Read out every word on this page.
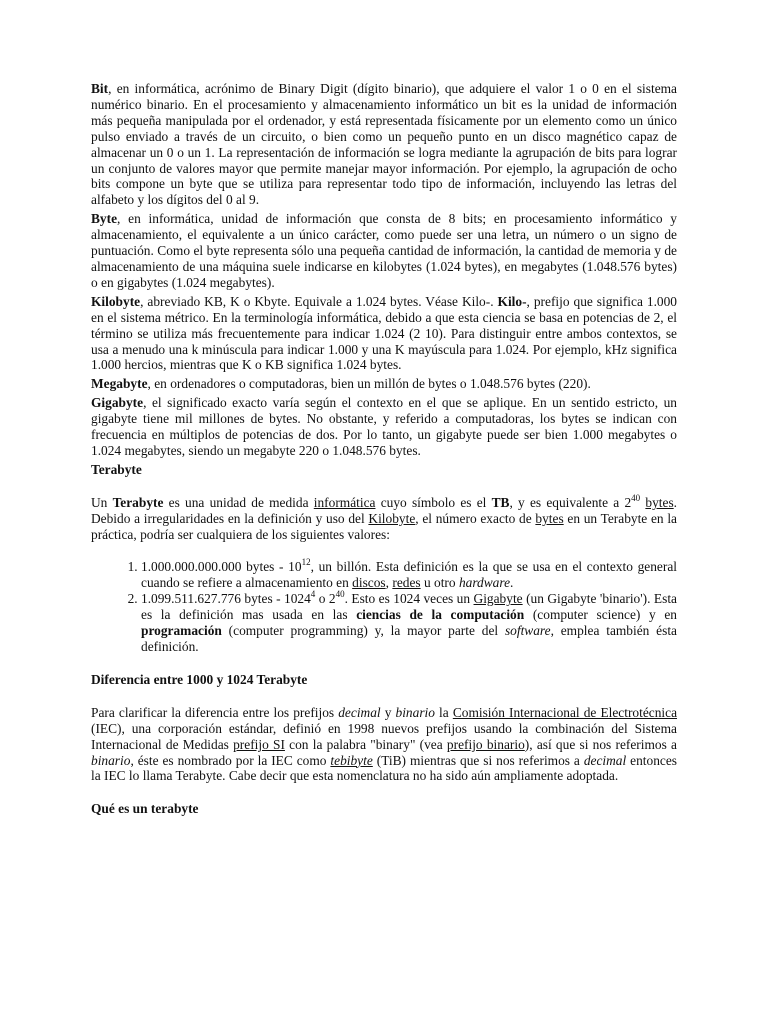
Bit, en informática, acrónimo de Binary Digit (dígito binario), que adquiere el valor 1 o 0 en el sistema numérico binario. En el procesamiento y almacenamiento informático un bit es la unidad de información más pequeña manipulada por el ordenador, y está representada físicamente por un elemento como un único pulso enviado a través de un circuito, o bien como un pequeño punto en un disco magnético capaz de almacenar un 0 o un 1. La representación de información se logra mediante la agrupación de bits para lograr un conjunto de valores mayor que permite manejar mayor información. Por ejemplo, la agrupación de ocho bits compone un byte que se utiliza para representar todo tipo de información, incluyendo las letras del alfabeto y los dígitos del 0 al 9.

Byte, en informática, unidad de información que consta de 8 bits; en procesamiento informático y almacenamiento, el equivalente a un único carácter, como puede ser una letra, un número o un signo de puntuación. Como el byte representa sólo una pequeña cantidad de información, la cantidad de memoria y de almacenamiento de una máquina suele indicarse en kilobytes (1.024 bytes), en megabytes (1.048.576 bytes) o en gigabytes (1.024 megabytes).

Kilobyte, abreviado KB, K o Kbyte. Equivale a 1.024 bytes. Véase Kilo-. Kilo-, prefijo que significa 1.000 en el sistema métrico. En la terminología informática, debido a que esta ciencia se basa en potencias de 2, el término se utiliza más frecuentemente para indicar 1.024 (2 10). Para distinguir entre ambos contextos, se usa a menudo una k minúscula para indicar 1.000 y una K mayúscula para 1.024. Por ejemplo, kHz significa 1.000 hercios, mientras que K o KB significa 1.024 bytes.

Megabyte, en ordenadores o computadoras, bien un millón de bytes o 1.048.576 bytes (220).

Gigabyte, el significado exacto varía según el contexto en el que se aplique. En un sentido estricto, un gigabyte tiene mil millones de bytes. No obstante, y referido a computadoras, los bytes se indican con frecuencia en múltiplos de potencias de dos. Por lo tanto, un gigabyte puede ser bien 1.000 megabytes o 1.024 megabytes, siendo un megabyte 220 o 1.048.576 bytes.

Terabyte

Un Terabyte es una unidad de medida informática cuyo símbolo es el TB, y es equivalente a $2^{40}$ bytes. Debido a irregularidades en la definición y uso del Kilobyte, el número exacto de bytes en un Terabyte en la práctica, podría ser cualquiera de los siguientes valores:

1. 1.000.000.000.000 bytes - $10^{12}$, un billón. Esta definición es la que se usa en el contexto general cuando se refiere a almacenamiento en discos, redes u otro hardware.
2. 1.099.511.627.776 bytes - 1024$^4$ o $2^{40}$. Esto es 1024 veces un Gigabyte (un Gigabyte 'binario'). Esta es la definición mas usada en las ciencias de la computación (computer science) y en programación (computer programming) y, la mayor parte del software, emplea también ésta definición.

Diferencia entre 1000 y 1024 Terabyte

Para clarificar la diferencia entre los prefijos decimal y binario la Comisión Internacional de Electrotécnica (IEC), una corporación estándar, definió en 1998 nuevos prefijos usando la combinación del Sistema Internacional de Medidas prefijo SI con la palabra "binary" (vea prefijo binario), así que si nos referimos a binario, éste es nombrado por la IEC como tebibyte (TiB) mientras que si nos referimos a decimal entonces la IEC lo llama Terabyte. Cabe decir que esta nomenclatura no ha sido aún ampliamente adoptada.

Qué es un terabyte
